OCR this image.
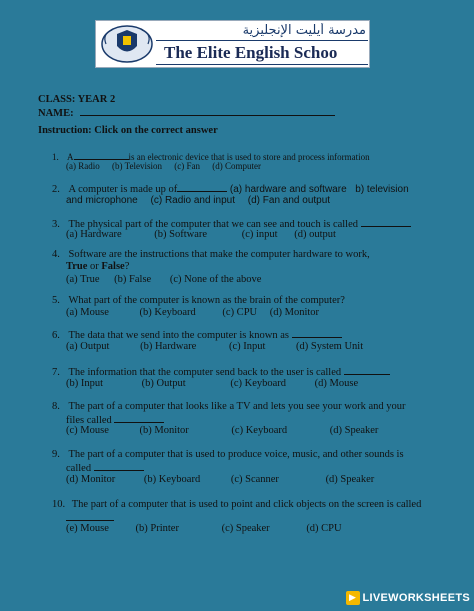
مدرسة أيليت الإنجليزية
The Elite English Schoo
CLASS: YEAR 2
NAME:
Instruction: Click on the correct answer
1. A	is an electronic device that is used to store and process information
(a) Radio (b) Television (c) Fan (d) Computer
2. A computer is made up of	(a) hardware and software b) television
and microphone (c) Radio and input (d) Fan and output
3. The physical part of the computer that we can see and touch is called
(a) Hardware	(b) Software	(c) input (d) output
4. Software are the instructions that make the computer hardware to work,
True or False?
(a) True (b) False (c) None of the above
5. What part of the computer is known as the brain of the computer?
(a) Mouse	(b) Keyboard	(c) CPU (d) Monitor
6. The data that we send into the computer is known as
(a) Output	(b) Hardware	(c) Input	(d) System Unit
7. The information that the computer send back to the user is called
(b) Input	(b) Output	(c) Keyboard	(d) Mouse
8. The part of a computer that looks like a TV and lets you see your work and your
files called
(c) Mouse	(b) Monitor	(c) Keyboard	(d) Speaker
9. The part of a computer that is used to produce voice, music, and other sounds is
called
(d) Monitor	(b) Keyboard	(c) Scanner	(d) Speaker
10. The part of a computer that is used to point and click objects on the screen is called
(e) Mouse	(b) Printer	(c) Speaker	(d) CPU
▶ LIVEWORKSHEETS
